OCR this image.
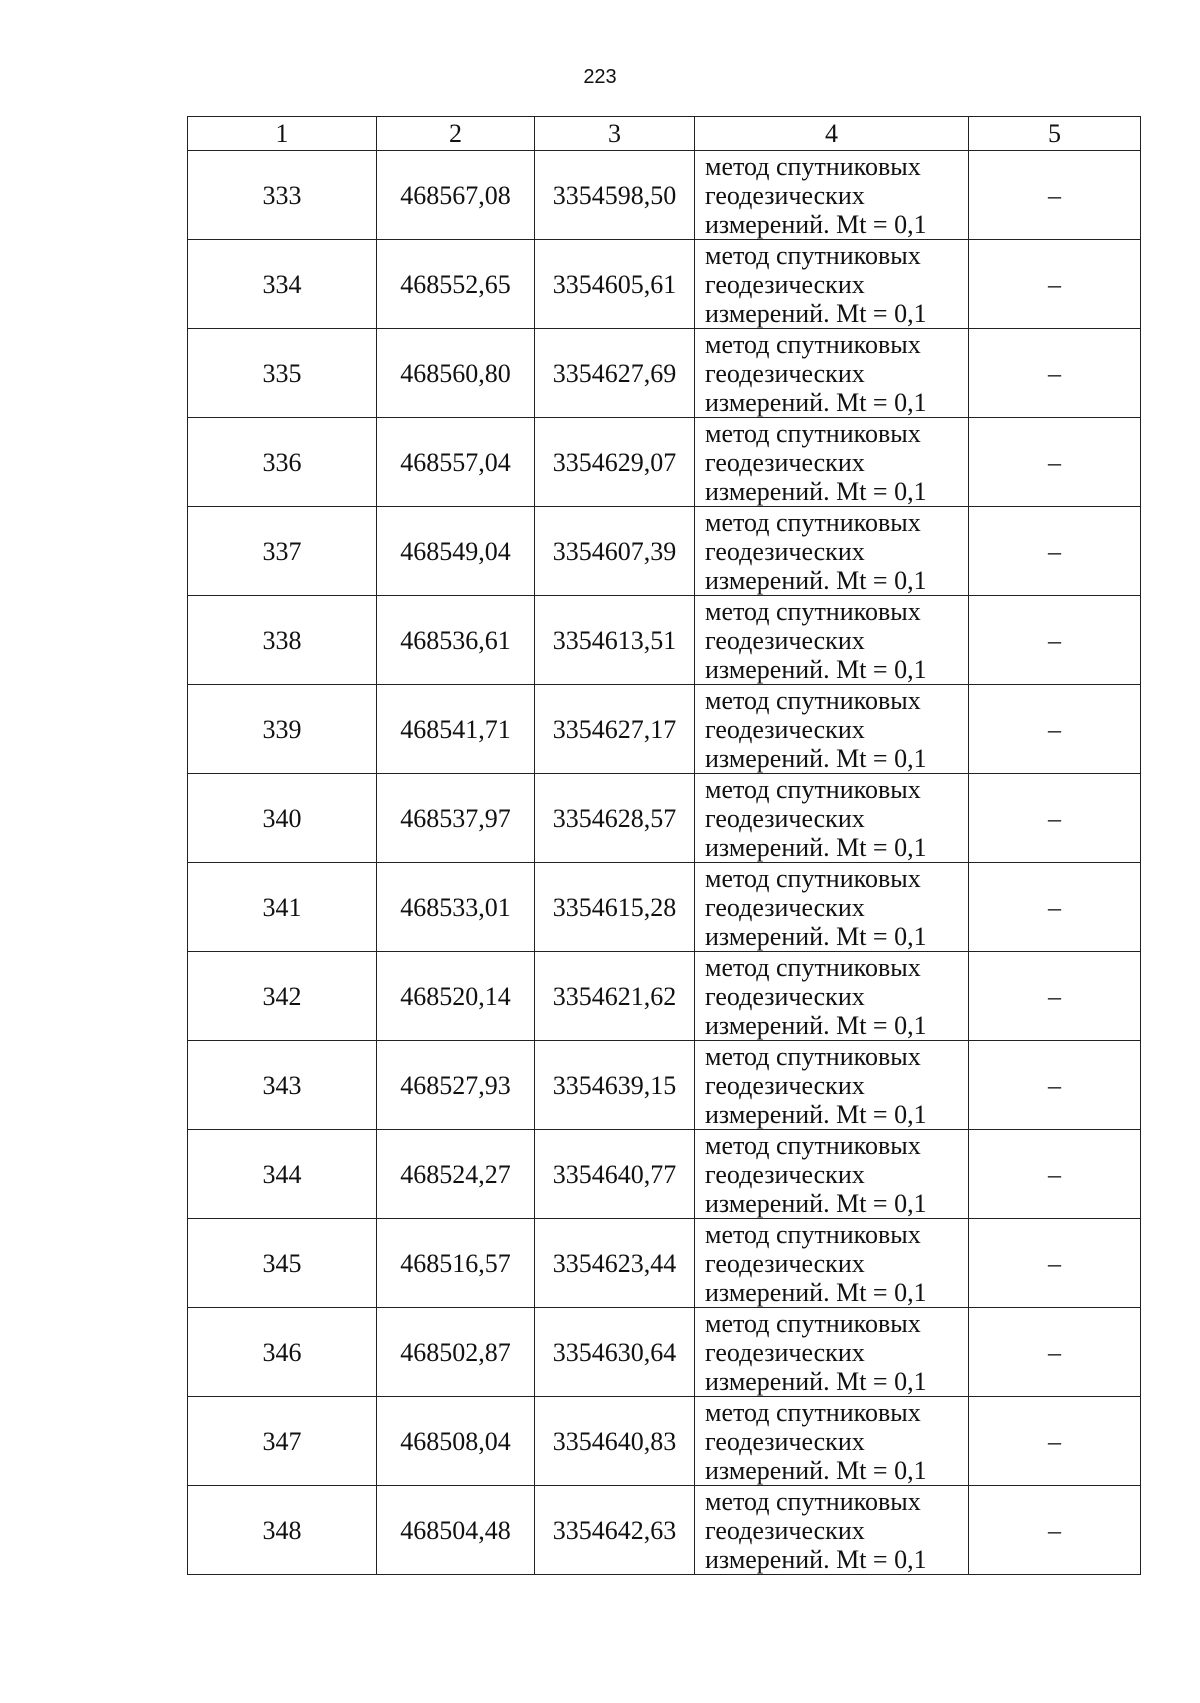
223
1	2	3	4	5
333	468567,08	3354598,50	метод спутниковых
геодезических
измерений. Mt = 0,1	–
334	468552,65	3354605,61	метод спутниковых
геодезических
измерений. Mt = 0,1	–
335	468560,80	3354627,69	метод спутниковых
геодезических
измерений. Mt = 0,1	–
336	468557,04	3354629,07	метод спутниковых
геодезических
измерений. Mt = 0,1	–
337	468549,04	3354607,39	метод спутниковых
геодезических
измерений. Mt = 0,1	–
338	468536,61	3354613,51	метод спутниковых
геодезических
измерений. Mt = 0,1	–
339	468541,71	3354627,17	метод спутниковых
геодезических
измерений. Mt = 0,1	–
340	468537,97	3354628,57	метод спутниковых
геодезических
измерений. Mt = 0,1	–
341	468533,01	3354615,28	метод спутниковых
геодезических
измерений. Mt = 0,1	–
342	468520,14	3354621,62	метод спутниковых
геодезических
измерений. Mt = 0,1	–
343	468527,93	3354639,15	метод спутниковых
геодезических
измерений. Mt = 0,1	–
344	468524,27	3354640,77	метод спутниковых
геодезических
измерений. Mt = 0,1	–
345	468516,57	3354623,44	метод спутниковых
геодезических
измерений. Mt = 0,1	–
346	468502,87	3354630,64	метод спутниковых
геодезических
измерений. Mt = 0,1	–
347	468508,04	3354640,83	метод спутниковых
геодезических
измерений. Mt = 0,1	–
348	468504,48	3354642,63	метод спутниковых
геодезических
измерений. Mt = 0,1	–
